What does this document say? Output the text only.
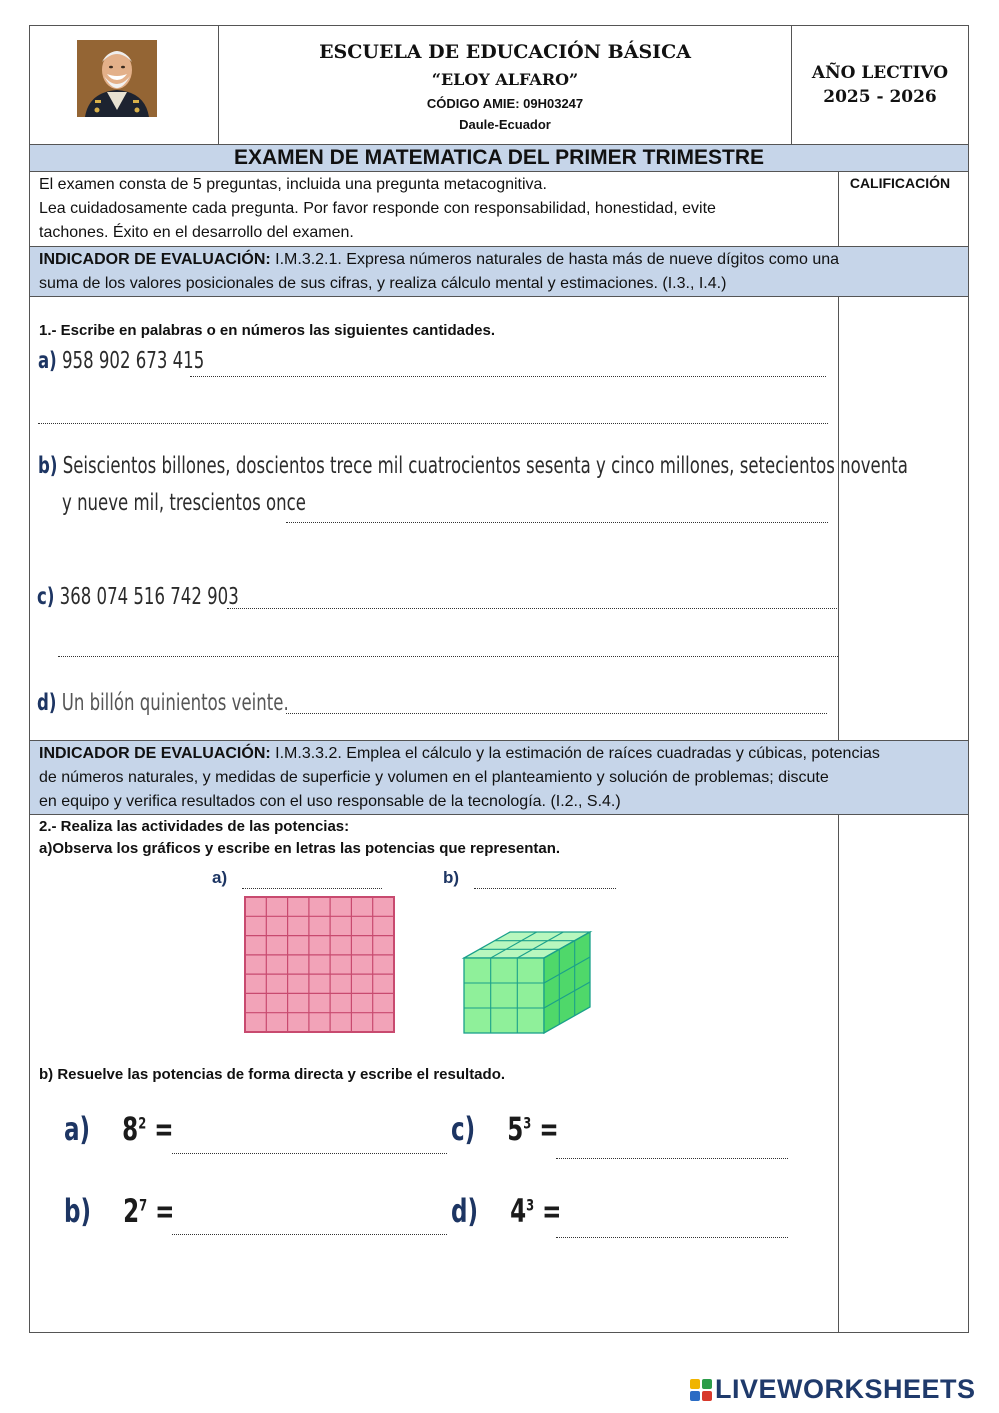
ESCUELA DE EDUCACIÓN BÁSICA
“ELOY ALFARO”
CÓDIGO AMIE: 09H03247
Daule-Ecuador
AÑO LECTIVO
2025 - 2026
EXAMEN DE MATEMATICA DEL PRIMER TRIMESTRE
El examen consta de 5 preguntas, incluida una pregunta metacognitiva.
Lea cuidadosamente cada pregunta. Por favor responde con responsabilidad, honestidad, evite
tachones. Éxito en el desarrollo del examen.
CALIFICACIÓN
INDICADOR DE EVALUACIÓN: I.M.3.2.1. Expresa números naturales de hasta más de nueve dígitos como una
suma de los valores posicionales de sus cifras, y realiza cálculo mental y estimaciones. (I.3., I.4.)
1.- Escribe en palabras o en números las siguientes cantidades.
a) 958 902 673 415
b) Seiscientos billones, doscientos trece mil cuatrocientos sesenta y cinco millones, setecientos noventa
y nueve mil, trescientos once
c) 368 074 516 742 903
d) Un billón quinientos veinte.
INDICADOR DE EVALUACIÓN: I.M.3.3.2. Emplea el cálculo y la estimación de raíces cuadradas y cúbicas, potencias
de números naturales, y medidas de superficie y volumen en el planteamiento y solución de problemas; discute
en equipo y verifica resultados con el uso responsable de la tecnología. (I.2., S.4.)
2.- Realiza las actividades de las potencias:
a)Observa los gráficos y escribe en letras las potencias que representan.
a)	b)
b) Resuelve las potencias de forma directa y escribe el resultado.
a) $8^2$ =
b) $2^7$ =
c) $5^3$ =
d) $4^3$ =
LIVEWORKSHEETS
